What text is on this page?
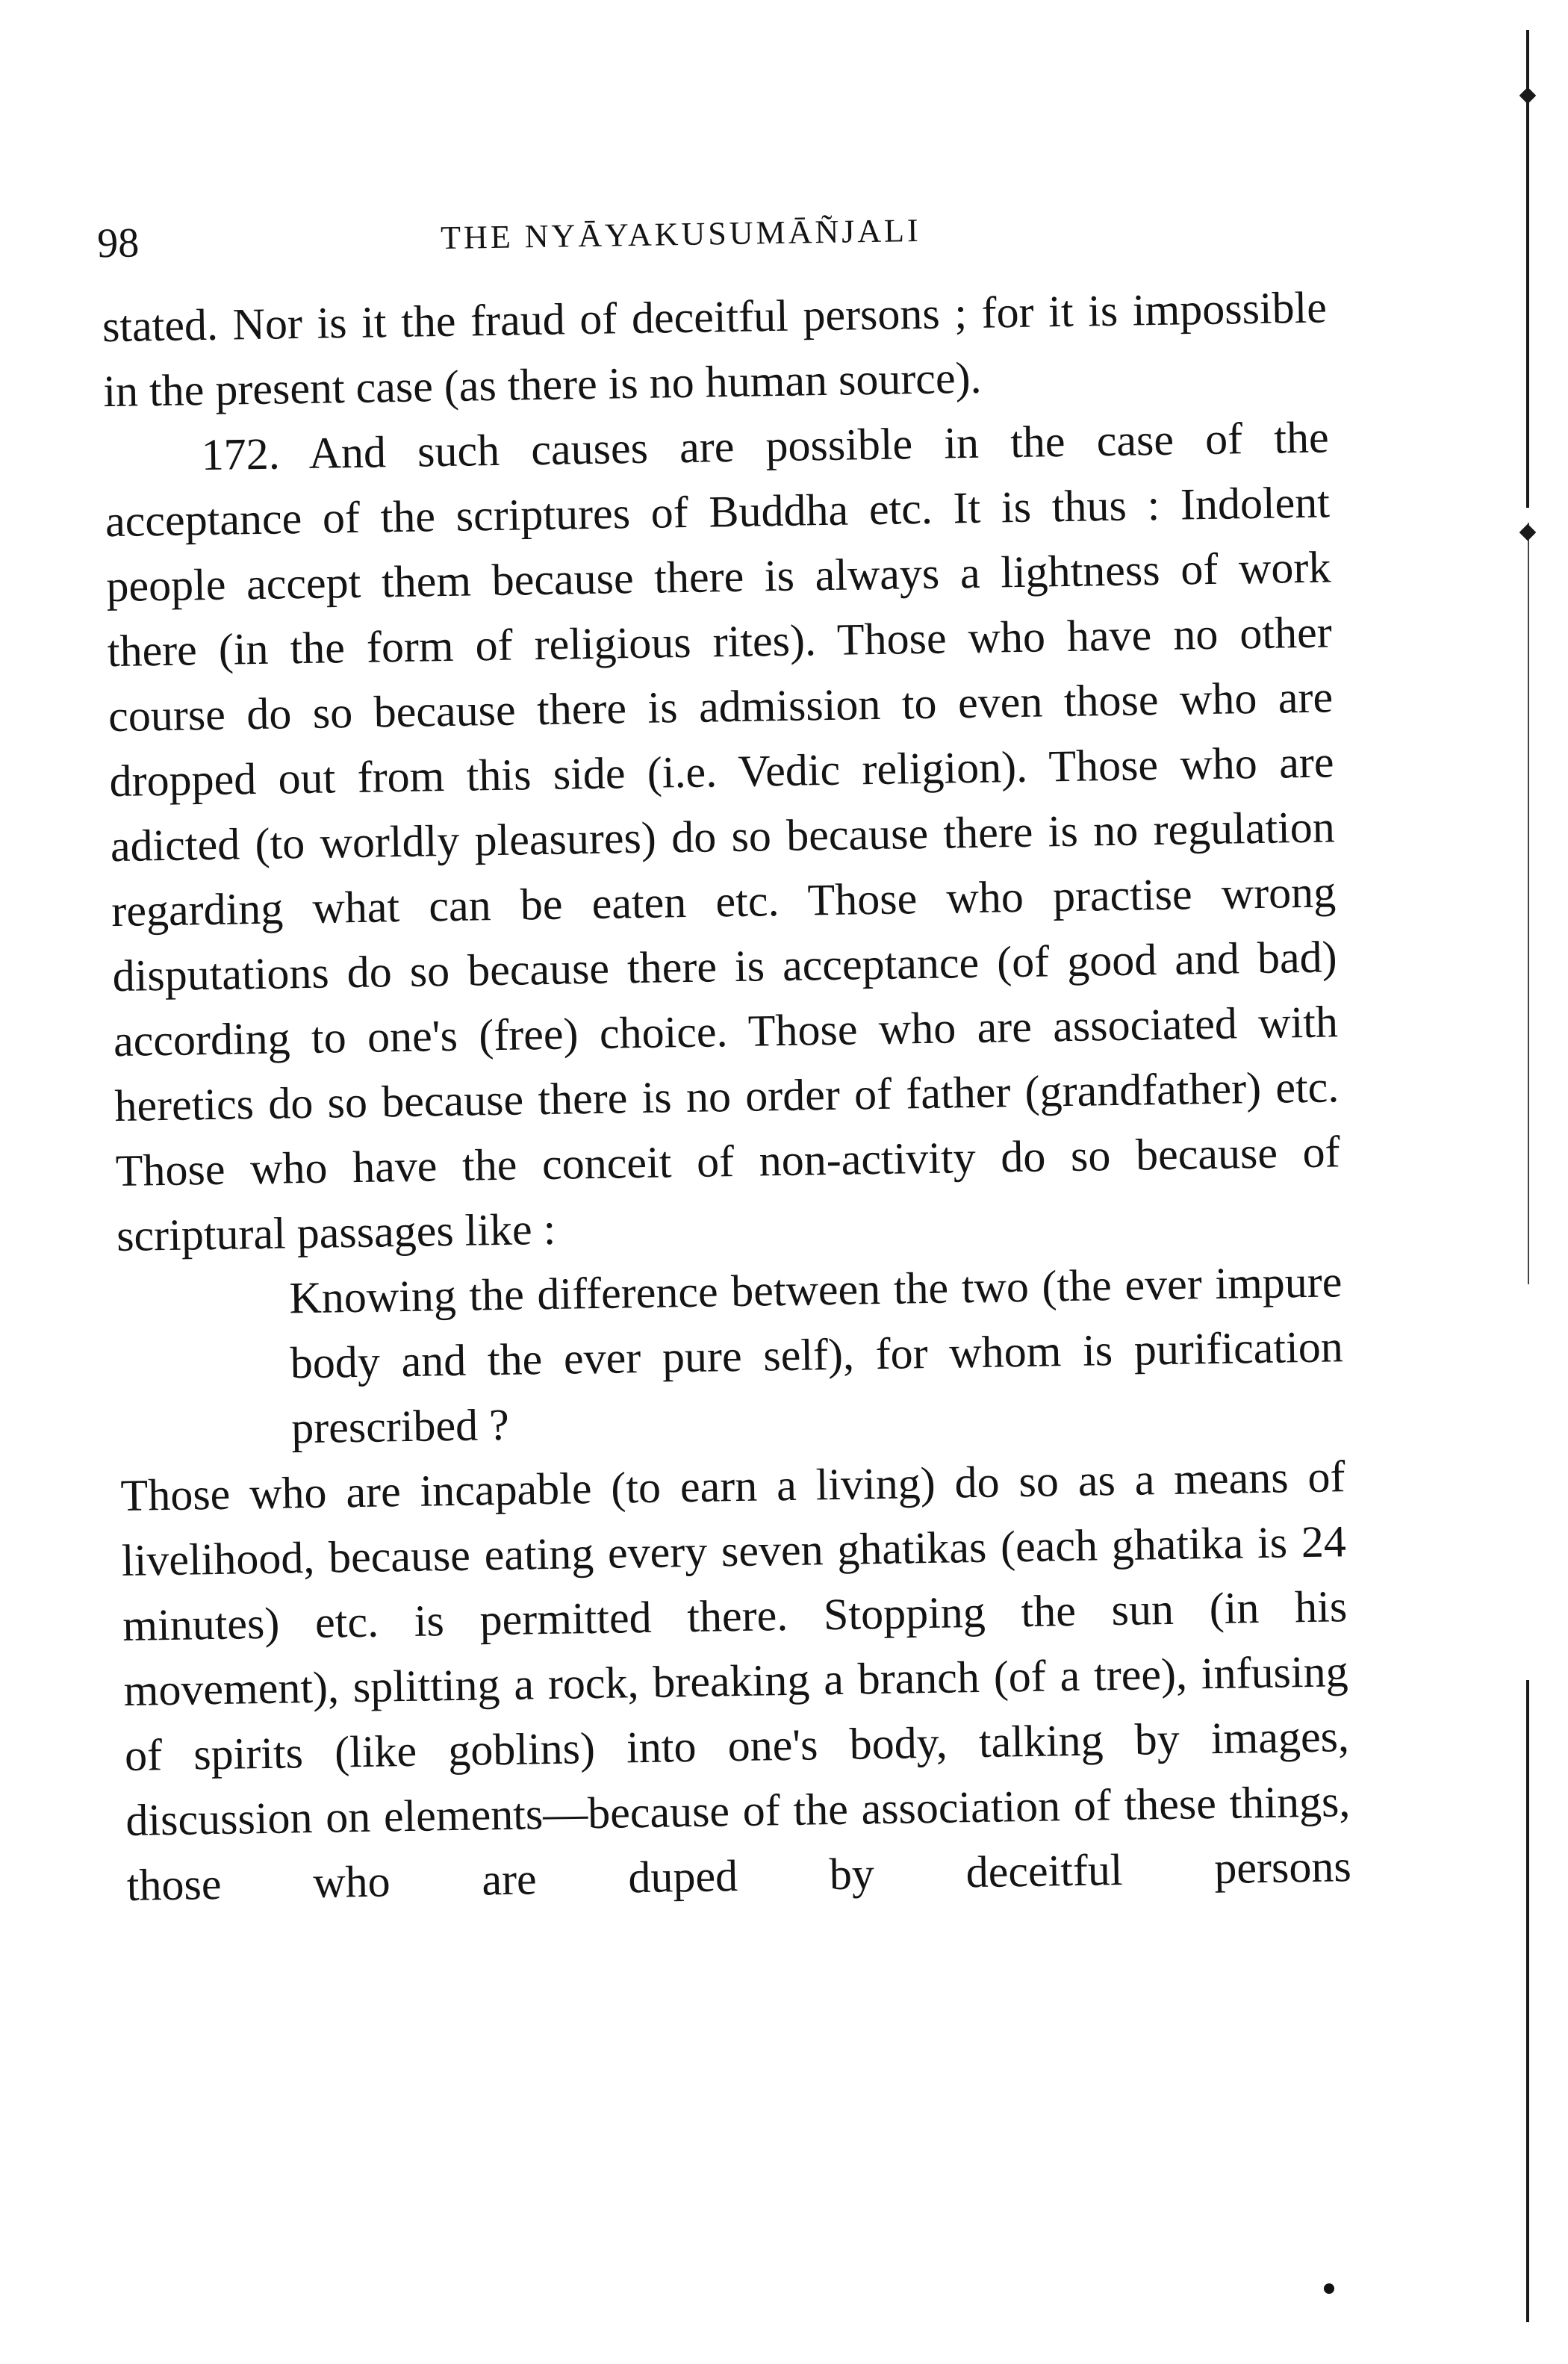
98	THE NYĀYAKUSUMĀÑJALI

stated. Nor is it the fraud of deceitful persons ; for it is impossible in the present case (as there is no human source).

172. And such causes are possible in the case of the acceptance of the scriptures of Buddha etc. It is thus : Indolent people accept them because there is always a lightness of work there (in the form of religious rites). Those who have no other course do so because there is admission to even those who are dropped out from this side (i.e. Vedic religion). Those who are adicted (to worldly pleasures) do so because there is no regulation regarding what can be eaten etc. Those who practise wrong disputations do so because there is acceptance (of good and bad) according to one's (free) choice. Those who are associated with heretics do so because there is no order of father (grandfather) etc. Those who have the conceit of non-activity do so because of scriptural passages like :

Knowing the difference between the two (the ever impure body and the ever pure self), for whom is purification prescribed ?

Those who are incapable (to earn a living) do so as a means of livelihood, because eating every seven ghatikas (each ghatika is 24 minutes) etc. is permitted there. Stopping the sun (in his movement), splitting a rock, breaking a branch (of a tree), infusing of spirits (like goblins) into one's body, talking by images, discussion on elements—because of the association of these things, those who are duped by deceitful persons
